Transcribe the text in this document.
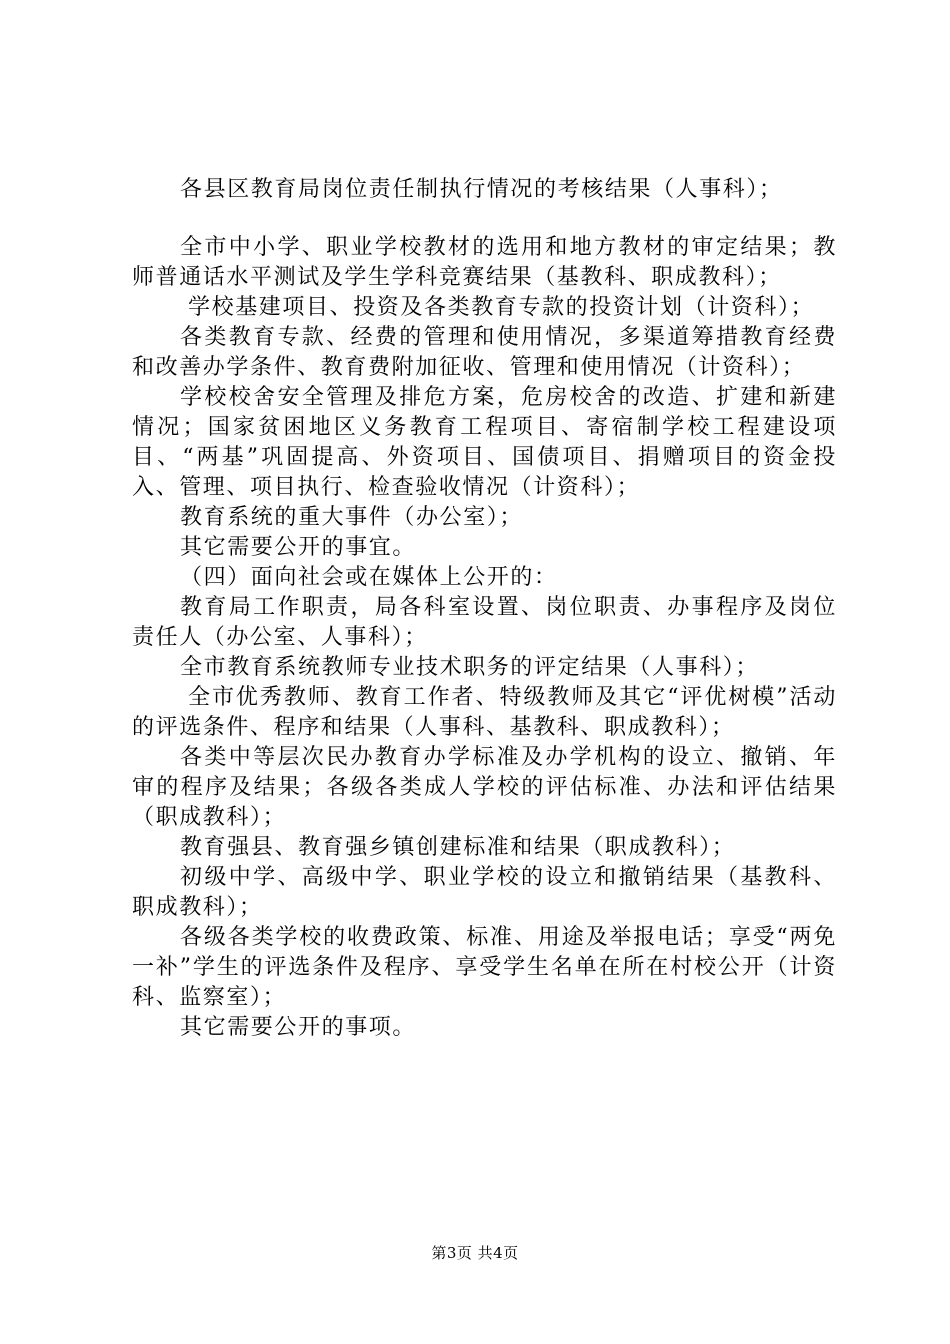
各县区教育局岗位责任制执行情况的考核结果（人事科）；

全市中小学、职业学校教材的选用和地方教材的审定结果；教师普通话水平测试及学生学科竞赛结果（基教科、职成教科）；

学校基建项目、投资及各类教育专款的投资计划（计资科）；

各类教育专款、经费的管理和使用情况，多渠道筹措教育经费和改善办学条件、教育费附加征收、管理和使用情况（计资科）；

学校校舍安全管理及排危方案，危房校舍的改造、扩建和新建情况；国家贫困地区义务教育工程项目、寄宿制学校工程建设项目、“两基”巩固提高、外资项目、国债项目、捐赠项目的资金投入、管理、项目执行、检查验收情况（计资科）；

教育系统的重大事件（办公室）；

其它需要公开的事宜。

（四）面向社会或在媒体上公开的：

教育局工作职责，局各科室设置、岗位职责、办事程序及岗位责任人（办公室、人事科）；

全市教育系统教师专业技术职务的评定结果（人事科）；

全市优秀教师、教育工作者、特级教师及其它“评优树模”活动的评选条件、程序和结果（人事科、基教科、职成教科）；

各类中等层次民办教育办学标准及办学机构的设立、撤销、年审的程序及结果；各级各类成人学校的评估标准、办法和评估结果（职成教科）；

教育强县、教育强乡镇创建标准和结果（职成教科）；

初级中学、高级中学、职业学校的设立和撤销结果（基教科、职成教科）；

各级各类学校的收费政策、标准、用途及举报电话；享受“两免一补”学生的评选条件及程序、享受学生名单在所在村校公开（计资科、监察室）；

其它需要公开的事项。

第3页 共4页
